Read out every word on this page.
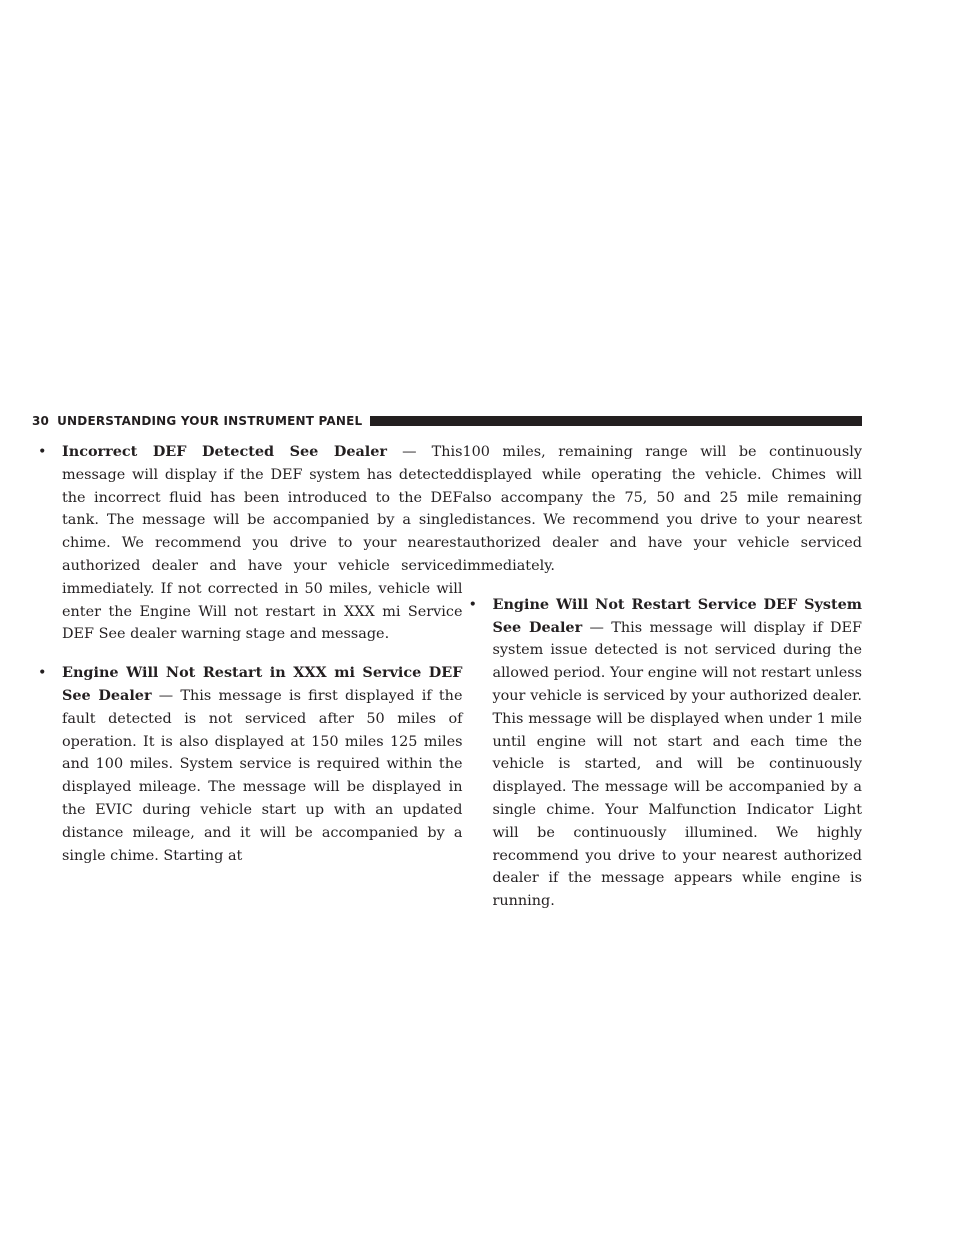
30 UNDERSTANDING YOUR INSTRUMENT PANEL

• Incorrect DEF Detected See Dealer — This message will display if the DEF system has detected the incorrect fluid has been introduced to the DEF tank. The message will be accompanied by a single chime. We recommend you drive to your nearest authorized dealer and have your vehicle serviced immediately. If not corrected in 50 miles, vehicle will enter the Engine Will not restart in XXX mi Service DEF See dealer warning stage and message.

• Engine Will Not Restart in XXX mi Service DEF See Dealer — This message is first displayed if the fault detected is not serviced after 50 miles of operation. It is also displayed at 150 miles 125 miles and 100 miles. System service is required within the displayed mileage. The message will be displayed in the EVIC during vehicle start up with an updated distance mileage, and it will be accompanied by a single chime. Starting at

100 miles, remaining range will be continuously displayed while operating the vehicle. Chimes will also accompany the 75, 50 and 25 mile remaining distances. We recommend you drive to your nearest authorized dealer and have your vehicle serviced immediately.

• Engine Will Not Restart Service DEF System See Dealer — This message will display if DEF system issue detected is not serviced during the allowed period. Your engine will not restart unless your vehicle is serviced by your authorized dealer. This message will be displayed when under 1 mile until engine will not start and each time the vehicle is started, and will be continuously displayed. The message will be accompanied by a single chime. Your Malfunction Indicator Light will be continuously illumined. We highly recommend you drive to your nearest authorized dealer if the message appears while engine is running.
